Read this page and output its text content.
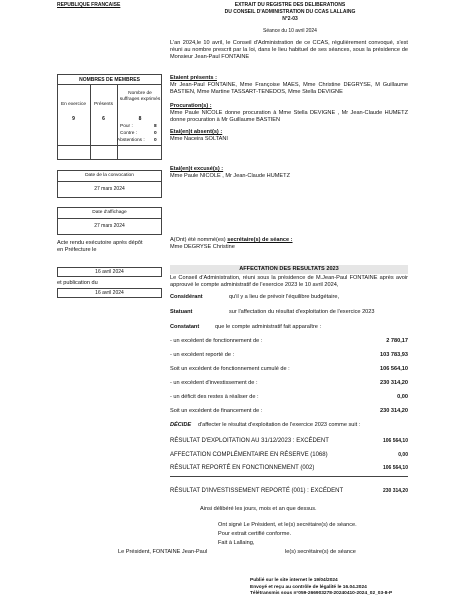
REPUBLIQUE FRANCAISE	EXTRAIT DU REGISTRE DES DELIBERATIONS
DU CONSEIL D'ADMINISTRATION DU CCAS LALLAING
N°2-03
Séance du 10 avril 2024
L'an 2024,le 10 avril, le Conseil d'Administration de ce CCAS, régulièrement convoqué, s'est réuni au nombre prescrit par la loi, dans le lieu habituel de ses séances, sous la présidence de Monsieur Jean-Paul FONTAINE
NOMBRES DE MEMBRES
En exercice	Présents
Nombre de suffrages exprimés
9	6	8
Pour :	8
Contre :	0
Abstentions : 0
Date de la convocation
27 mars 2024
Date d'affichage
27 mars 2024
Acte rendu exécutoire après dépôt
en Préfecture le
16 avril 2024
et publication du
16 avril 2024
Etaient présents :
Mr Jean-Paul FONTAINE, Mme Françoise MAES, Mme Christine DEGRYSE, M Guillaume BASTIEN, Mme Martine TASSART-TENEDOS, Mme Stella DEVIGNE
Procuration(s) :
Mme Paule NICOLE donne procuration à Mme Stella DEVIGNE , Mr Jean-Claude HUMETZ donne procuration à Mr Guillaume BASTIEN
Etai(en)t absent(s) :
Mme Naceira SOLTANI
Etai(en)t excusé(s) :
Mme Paule NICOLE , Mr Jean-Claude HUMETZ
A(Ont) été nommé(es) secrétaire(s) de séance :
Mme DEGRYSE Christine
AFFECTATION DES RESULTATS 2023
Le Conseil d'Administration, réuni sous la présidence de M.Jean-Paul FONTAINE après avoir approuvé le compte administratif de l'exercice 2023 le 10 avril 2024,
Considérant	qu'il y a lieu de prévoir l'équilibre budgétaire,
Statuant	sur l'affectation du résultat d'exploitation de l'exercice 2023
Constatant	que le compte administratif fait apparaître :
- un excédent de fonctionnement de :	2 780,17
- un excédent reporté de :	103 783,93
Soit un excédent de fonctionnement cumulé de :	106 564,10
- un excédent d'investissement de :	230 314,20
- un déficit des restes à réaliser de :	0,00
Soit un excédent de financement de :	230 314,20
DÉCIDE d'affecter le résultat d'exploitation de l'exercice 2023 comme suit :
RÉSULTAT D'EXPLOITATION AU 31/12/2023 : EXCÉDENT	106 564,10
AFFECTATION COMPLÉMENTAIRE EN RÉSERVE (1068)	0,00
RÉSULTAT REPORTÉ EN FONCTIONNEMENT (002)	106 564,10
RÉSULTAT D'INVESTISSEMENT REPORTÉ (001) : EXCÉDENT	230 314,20
Ainsi délibéré les jours, mois et an que dessus.
Ont signé Le Président, et le(s) secrétaire(s) de séance.
Pour extrait certifié conforme.
Fait à Lallaing,
Le Président, FONTAINE Jean-Paul	le(s) secrétaire(s) de séance
Publié sur le site internet le 19/04/2024
Envoyé et reçu au contrôle de légalité le 16.04.2024
Télétransmis sous n°059-266903278-20240410-2024_02_03-8-P
